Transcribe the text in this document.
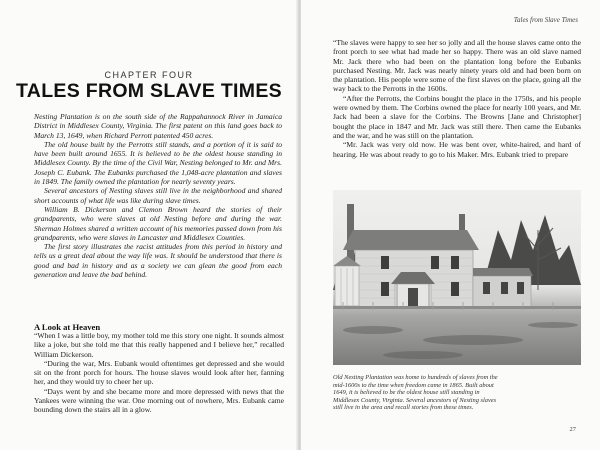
CHAPTER FOUR
TALES FROM SLAVE TIMES

Nesting Plantation is on the south side of the Rappahannock River in Jamaica District in Middlesex County, Virginia. The first patent on this land goes back to March 13, 1649, when Richard Perrott patented 450 acres.

The old house built by the Perrotts still stands, and a portion of it is said to have been built around 1655. It is believed to be the oldest house standing in Middlesex County. By the time of the Civil War, Nesting belonged to Mr. and Mrs. Joseph C. Eubank. The Eubanks purchased the 1,048-acre plantation and slaves in 1849. The family owned the plantation for nearly seventy years.

Several ancestors of Nesting slaves still live in the neighborhood and shared short accounts of what life was like during slave times.

William B. Dickerson and Clemon Brown heard the stories of their grandparents, who were slaves at old Nesting before and during the war. Sherman Holmes shared a written account of his memories passed down from his grandparents, who were slaves in Lancaster and Middlesex Counties.

The first story illustrates the racist attitudes from this period in history and tells us a great deal about the way life was. It should be understood that there is good and bad in history and as a society we can glean the good from each generation and leave the bad behind.

A Look at Heaven

“When I was a little boy, my mother told me this story one night. It sounds almost like a joke, but she told me that this really happened and I believe her,” recalled William Dickerson.

“During the war, Mrs. Eubank would oftentimes get depressed and she would sit on the front porch for hours. The house slaves would look after her, fanning her, and they would try to cheer her up.

“Days went by and she became more and more depressed with news that the Yankees were winning the war. One morning out of nowhere, Mrs. Eubank came bounding down the stairs all in a glow.

Tales from Slave Times

“The slaves were happy to see her so jolly and all the house slaves came onto the front porch to see what had made her so happy. There was an old slave named Mr. Jack there who had been on the plantation long before the Eubanks purchased Nesting. Mr. Jack was nearly ninety years old and had been born on the plantation. His people were some of the first slaves on the place, going all the way back to the Perrotts in the 1600s.

“After the Perrotts, the Corbins bought the place in the 1750s, and his people were owned by them. The Corbins owned the place for nearly 100 years, and Mr. Jack had been a slave for the Corbins. The Browns [Jane and Christopher] bought the place in 1847 and Mr. Jack was still there. Then came the Eubanks and the war, and he was still on the plantation.

“Mr. Jack was very old now. He was bent over, white-haired, and hard of hearing. He was about ready to go to his Maker. Mrs. Eubank tried to prepare

Old Nesting Plantation was home to hundreds of slaves from the mid-1600s to the time when freedom came in 1865. Built about 1649, it is believed to be the oldest house still standing in Middlesex County, Virginia. Several ancestors of Nesting slaves still live in the area and recall stories from these times.

27
